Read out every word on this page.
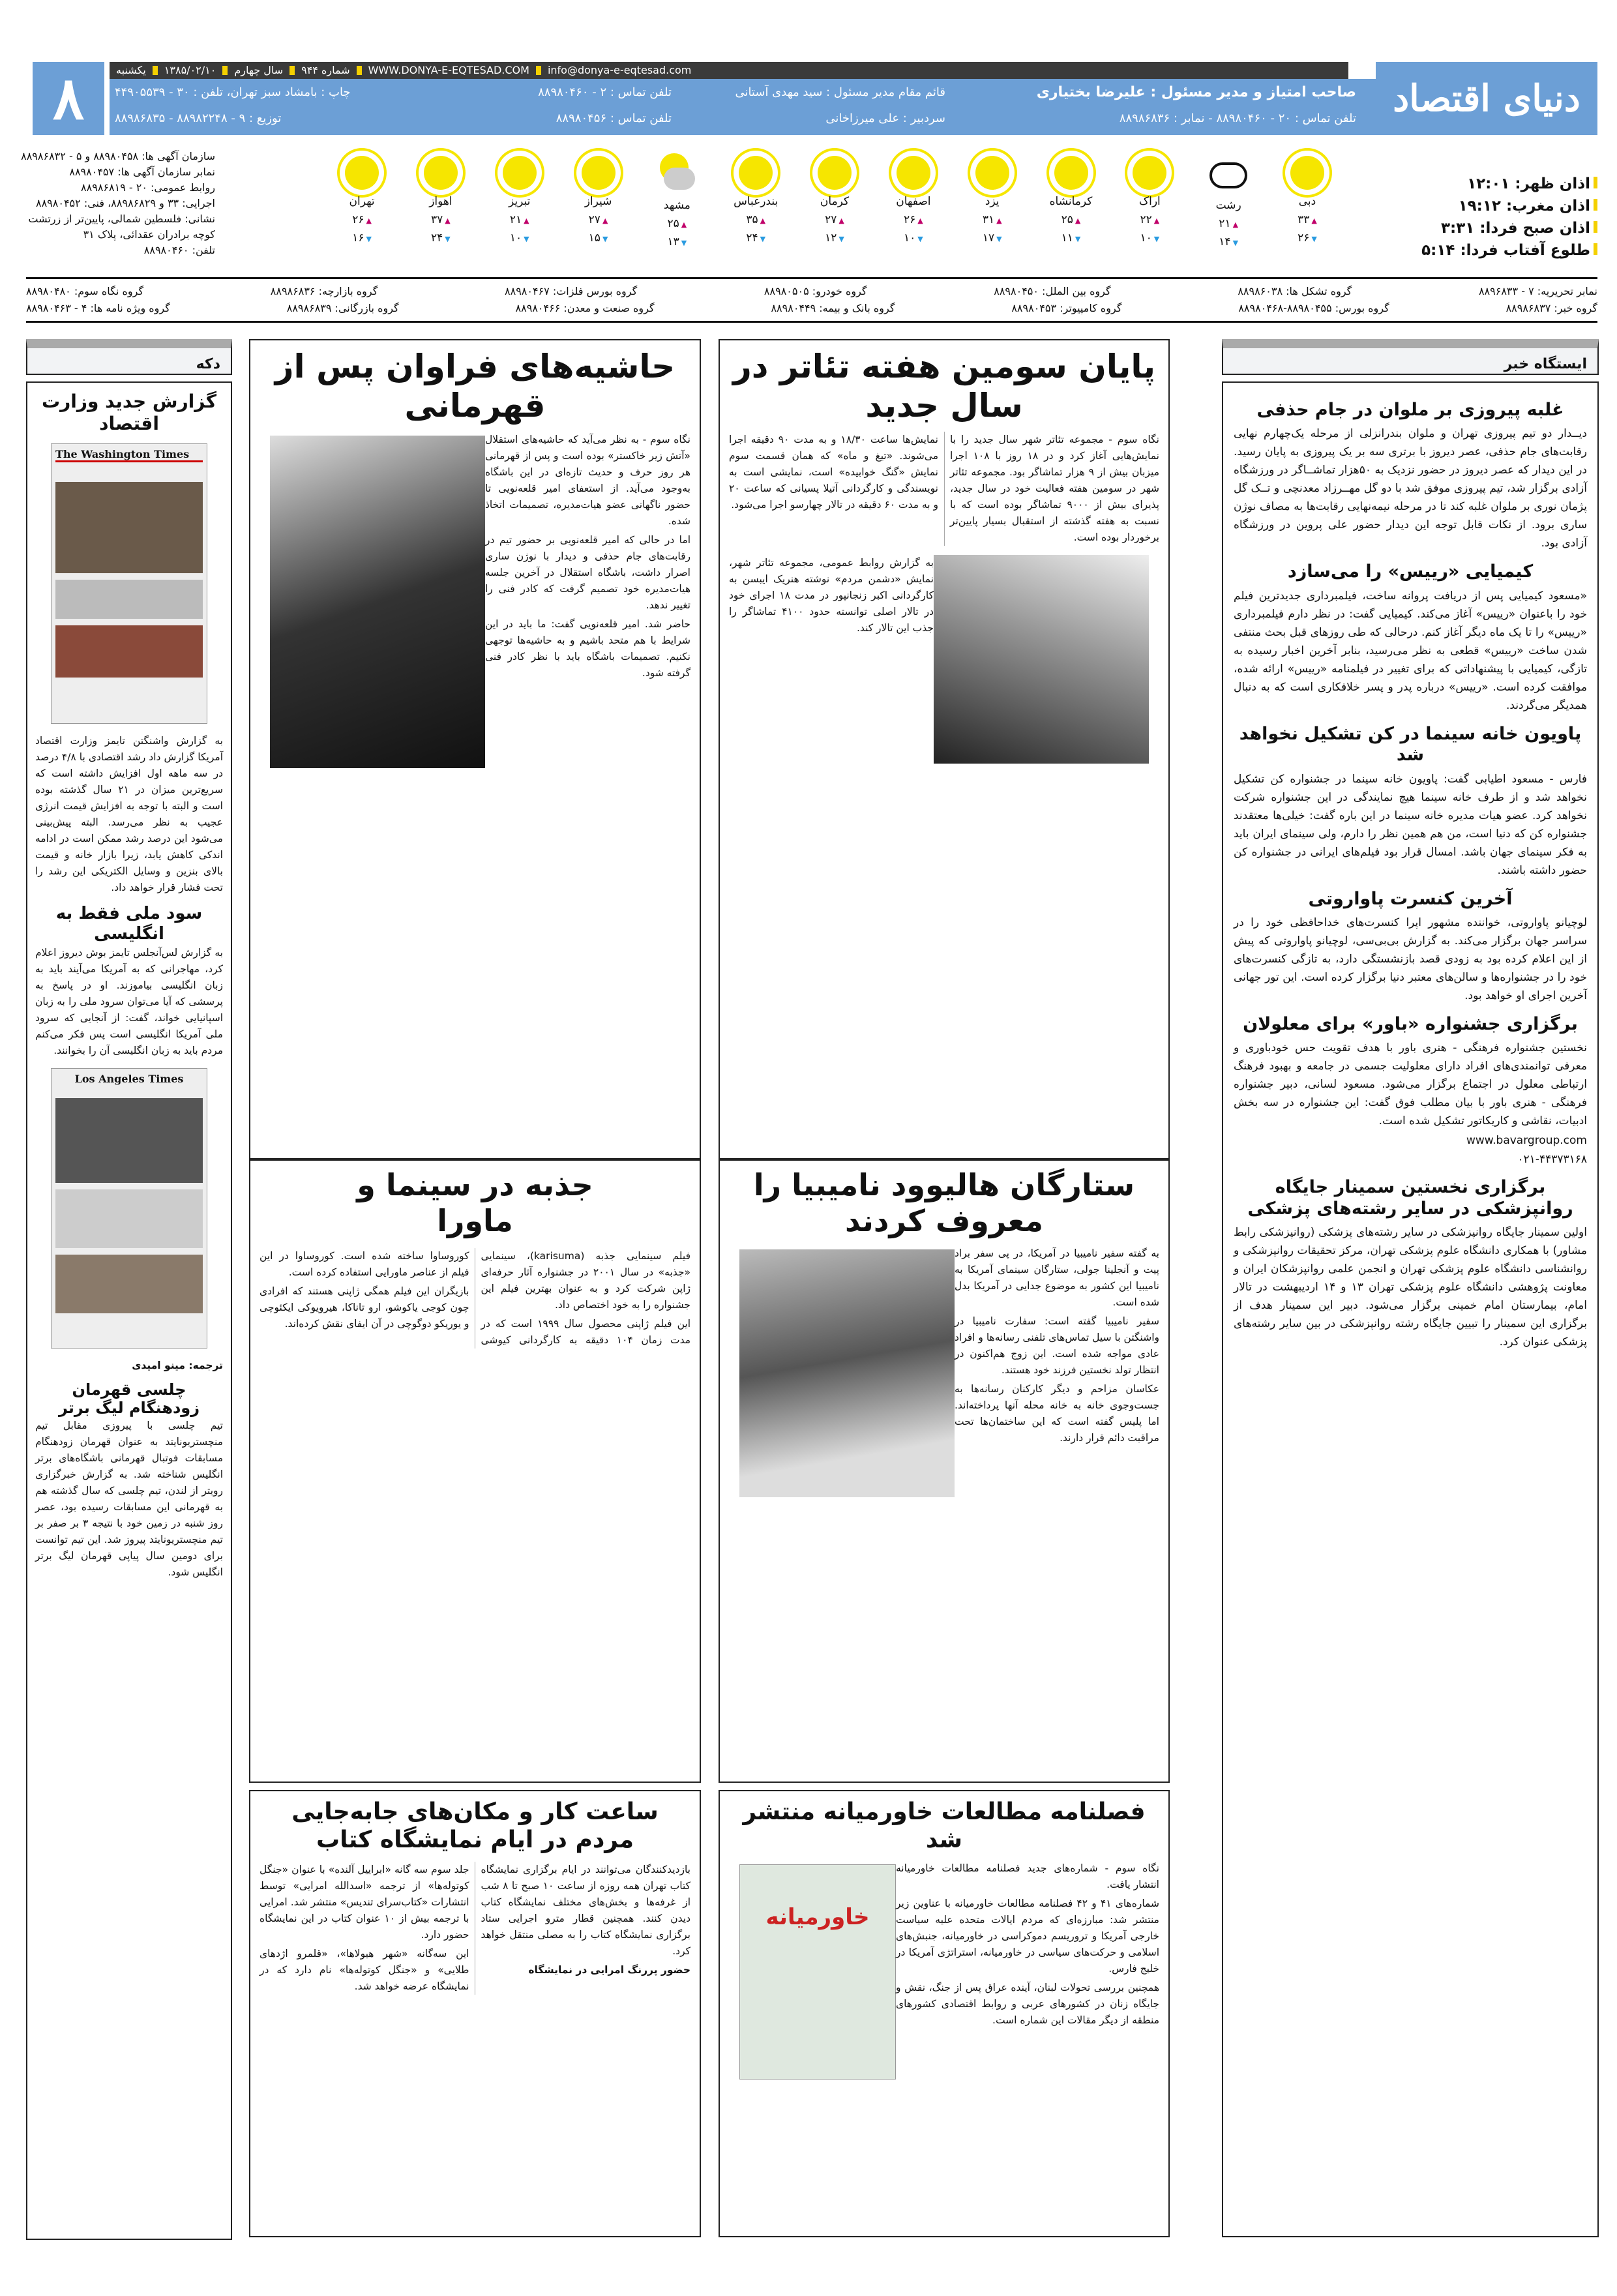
۸	info@donya-e-eqtesad.com
WWW.DONYA-E-EQTESAD.COM
شماره ۹۴۴
سال چهارم
۱۳۸۵/۰۲/۱۰
یکشنبه
صاحب امتیاز و مدیر مسئول : علیرضا بختیاری
تلفن تماس : ۲۰ - ۸۸۹۸۰۴۶۰ - نمابر : ۸۸۹۸۶۸۳۶
قائم مقام مدیر مسئول : سید مهدی آستانی
تلفن تماس : ۲ - ۸۸۹۸۰۴۶۰
سردبیر : علی میرزاخانی
تلفن تماس : ۸۸۹۸۰۴۵۶
چاپ : بامشاد سبز تهران، تلفن : ۳۰ - ۴۴۹۰۵۵۳۹
توزیع : ۹ - ۸۸۹۸۲۲۴۸ - ۸۸۹۸۶۸۳۵	دنیای اقتصاد
اذان ظهر: ۱۲:۰۱
اذان مغرب: ۱۹:۱۲
اذان صبح فردا: ۳:۳۱
طلوع آفتاب فردا: ۵:۱۴
تهران
▲ ۲۶
▼ ۱۶
اهواز
▲ ۳۷
▼ ۲۴
تبریز
▲ ۲۱
▼ ۱۰
شیراز
▲ ۲۷
▼ ۱۵
مشهد
▲ ۲۵
▼ ۱۳
بندرعباس
▲ ۳۵
▼ ۲۴
کرمان
▲ ۲۷
▼ ۱۲
اصفهان
▲ ۲۶
▼ ۱۰
یزد
▲ ۳۱
▼ ۱۷
کرمانشاه
▲ ۲۵
▼ ۱۱
اراک
▲ ۲۲
▼ ۱۰
رشت
▲ ۲۱
▼ ۱۴
دبی
▲ ۳۳
▼ ۲۶
سازمان آگهی ها: ۸۸۹۸۰۴۵۸ و ۵ - ۸۸۹۸۶۸۳۲
نمابر سازمان آگهی ها: ۸۸۹۸۰۴۵۷
روابط عمومی: ۲۰ - ۸۸۹۸۶۸۱۹
اجرایی: ۳۳ و ۸۸۹۸۶۸۲۹، فنی: ۸۸۹۸۰۴۵۲
نشانی: فلسطین شمالی، پایین‌تر از زرتشت
کوچه برادران عقدائی، پلاک ۳۱
تلفن: ۸۸۹۸۰۴۶۰
نمابر تحریریه: ۷ - ۸۸۹۶۸۳۳
گروه تشکل ها: ۸۸۹۸۶۰۳۸
گروه بین الملل: ۸۸۹۸۰۴۵۰
گروه خودرو: ۸۸۹۸۰۵۰۵
گروه بورس فلزات: ۸۸۹۸۰۴۶۷
گروه بازارچه: ۸۸۹۸۶۸۳۶
گروه نگاه سوم: ۸۸۹۸۰۴۸۰
گروه خبر: ۸۸۹۸۶۸۳۷
گروه بورس: ۸۸۹۸۰۴۵۵-۸۸۹۸۰۴۶۸
گروه کامپیوتر: ۸۸۹۸۰۴۵۳
گروه بانک و بیمه: ۸۸۹۸۰۴۴۹
گروه صنعت و معدن: ۸۸۹۸۰۴۶۶
گروه بازرگانی: ۸۸۹۸۶۸۳۹
گروه ویژه نامه ها: ۴ - ۸۸۹۸۰۴۶۳
دکه
گزارش جدید وزارت اقتصاد
The Washington Times

به گزارش واشنگتن تایمز وزارت اقتصاد آمریکا گزارش داد رشد اقتصادی با ۴/۸ درصد در سه ماهه اول افزایش داشته است که سریع‌ترین میزان در ۲۱ سال گذشته بوده است و البته با توجه به افزایش قیمت انرژی عجیب به نظر می‌رسد. البته پیش‌بینی می‌شود این درصد رشد ممکن است در ادامه اندکی کاهش یابد، زیرا بازار خانه و قیمت بالای بنزین و وسایل الکتریکی این رشد را تحت فشار قرار خواهد داد.

سود ملی فقط به انگلیسی

به گزارش لس‌آنجلس تایمز بوش دیروز اعلام کرد، مهاجرانی که به آمریکا می‌آیند باید به زبان انگلیسی بیاموزند. او در پاسخ به پرسشی که آیا می‌توان سرود ملی را به زبان اسپانیایی خواند، گفت: از آنجایی که سرود ملی آمریکا انگلیسی است پس فکر می‌کنم مردم باید به زبان انگلیسی آن را بخوانند.

Los Angeles Times

ترجمه: مینو امیدی

چلسی قهرمان زودهنگام لیگ برتر

تیم چلسی با پیروزی مقابل تیم منچستریونایتد به عنوان قهرمان زودهنگام مسابقات فوتبال قهرمانی باشگاه‌های برتر انگلیس شناخته شد. به گزارش خبرگزاری رویتر از لندن، تیم چلسی که سال گذشته هم به قهرمانی این مسابقات رسیده بود، عصر روز شنبه در زمین خود با نتیجه ۳ بر صفر بر تیم منچستریونایتد پیروز شد. این تیم توانست برای دومین سال پیاپی قهرمان لیگ برتر انگلیس شود.

حاشیه‌های فراوان پس از قهرمانی

نگاه سوم - به نظر می‌آید که حاشیه‌های استقلال «آتش زیر خاکستر» بوده است و پس از قهرمانی هر روز حرف و حدیث تازه‌ای در این باشگاه به‌وجود می‌آید. از استعفای امیر قلعه‌نویی تا حضور ناگهانی عضو هیات‌مدیره، تصمیمات اتخاذ شده.

اما در حالی که امیر قلعه‌نویی بر حضور تیم در رقابت‌های جام حذفی و دیدار با نوژن ساری اصرار داشت، باشگاه استقلال در آخرین جلسه هیات‌مدیره خود تصمیم گرفت که کادر فنی را تغییر ندهد.

حاضر شد. امیر قلعه‌نویی گفت: ما باید در این شرایط با هم متحد باشیم و به حاشیه‌ها توجهی نکنیم. تصمیمات باشگاه باید با نظر کادر فنی گرفته شود.

پایان سومین هفته تئاتر در سال جدید

نگاه سوم - مجموعه تئاتر شهر سال جدید را با نمایش‌هایی آغاز کرد و در ۱۸ روز با ۱۰۸ اجرا میزبان بیش از ۹ هزار تماشاگر بود. مجموعه تئاتر شهر در سومین هفته فعالیت خود در سال جدید، پذیرای بیش از ۹۰۰۰ تماشاگر بوده است که با نسبت به هفته گذشته از استقبال بسیار پایین‌تر برخوردار بوده است.

نمایش‌ها ساعت ۱۸/۳۰ و به مدت ۹۰ دقیقه اجرا می‌شوند. «تیغ و ماه» که همان قسمت سوم نمایش «گنگ خوابیده» است، نمایشی است به نویسندگی و کارگردانی آتیلا پسیانی که ساعت ۲۰ و به مدت ۶۰ دقیقه در تالار چهارسو اجرا می‌شود.

به گزارش روابط عمومی، مجموعه تئاتر شهر، نمایش «دشمن مردم» نوشته هنریک ایبسن به کارگردانی اکبر زنجانپور در مدت ۱۸ اجرای خود در تالار اصلی توانسته حدود ۴۱۰۰ تماشاگر را جذب این تالار کند.

جذبه در سینما و ماورا

فیلم سینمایی جذبه (karisuma)، سینمایی «جذبه» در سال ۲۰۰۱ در جشنواره آثار حرفه‌ای ژاپن شرکت کرد و به عنوان بهترین فیلم این جشنواره را به خود اختصاص داد.

این فیلم ژاپنی محصول سال ۱۹۹۹ است که در مدت زمان ۱۰۴ دقیقه به کارگردانی کیوشی کوروساوا ساخته شده است. کوروساوا در این فیلم از عناصر ماورایی استفاده کرده است.

بازیگران این فیلم همگی ژاپنی هستند که افرادی چون کوجی یاکوشو، ارو تاناکا، هیرویوکی ایکئوچی و یوریکو دوگوچی در آن ایفای نقش کرده‌اند.

ستارگان هالیوود نامیبیا را معروف کردند

به گفته سفیر نامیبیا در آمریکا، در پی سفر براد پیت و آنجلینا جولی، ستارگان سینمای آمریکا به نامیبیا این کشور به موضوع جدایی در آمریکا بدل شده است.

سفیر نامیبیا گفته است: سفارت نامیبیا در واشنگتن با سیل تماس‌های تلفنی رسانه‌ها و افراد عادی مواجه شده است. این زوج هم‌اکنون در انتظار تولد نخستین فرزند خود هستند.

عکاسان مزاحم و دیگر کارکنان رسانه‌ها به جست‌وجوی خانه به خانه محله آنها پرداخته‌اند. اما پلیس گفته است که این ساختمان‌ها تحت مراقبت دائم قرار دارند.

ساعت کار و مکان‌های جابه‌جایی مردم در ایام نمایشگاه کتاب

بازدیدکنندگان می‌توانند در ایام برگزاری نمایشگاه کتاب تهران همه روزه از ساعت ۱۰ صبح تا ۸ شب از غرفه‌ها و بخش‌های مختلف نمایشگاه کتاب دیدن کنند. همچنین قطار مترو اجرایی ستاد برگزاری نمایشگاه کتاب را به مصلی منتقل خواهد کرد.

حضور پررنگ امرایی در نمایشگاه

جلد سوم سه گانه «ابراییل آلنده» با عنوان «جنگل کوتوله‌ها» از ترجمه «اسدالله امرایی» توسط انتشارات «کتاب‌سرای تندیس» منتشر شد. امرایی با ترجمه بیش از ۱۰ عنوان کتاب در این نمایشگاه حضور دارد.

این سه‌گانه «شهر هیولاها»، «قلمرو اژدهای طلایی» و «جنگل کوتوله‌ها» نام دارد که در نمایشگاه عرضه خواهد شد.

فصلنامه مطالعات خاورمیانه منتشر شد
خاورمیانه

نگاه سوم - شماره‌های جدید فصلنامه مطالعات خاورمیانه انتشار یافت.

شماره‌های ۴۱ و ۴۲ فصلنامه مطالعات خاورمیانه با عناوین زیر منتشر شد: مبارزه‌ای که مردم ایالات متحده علیه سیاست خارجی آمریکا و تروریسم دموکراسی در خاورمیانه، جنبش‌های اسلامی و حرکت‌های سیاسی در خاورمیانه، استراتژی آمریکا در خلیج فارس.

همچنین بررسی تحولات لبنان، آینده عراق پس از جنگ، نقش و جایگاه زنان در کشورهای عربی و روابط اقتصادی کشورهای منطقه از دیگر مقالات این شماره است.

ایستگاه خبر
غلبه پیروزی بر ملوان در جام حذفی

دیــدار دو تیم پیروزی تهران و ملوان بندرانزلی از مرحله یک‌چهارم نهایی رقابت‌های جام حذفی، عصر دیروز با برتری سه بر یک پیروزی به پایان رسید. در این دیدار که عصر دیروز در حضور نزدیک به ۵۰هزار تماشــاگر در ورزشگاه آزادی برگزار شد، تیم پیروزی موفق شد با دو گل مهــرزاد معدنچی و تــک گل پژمان نوری بر ملوان غلبه کند تا در مرحله نیمه‌نهایی رقابت‌ها به مصاف نوژن ساری برود. از نکات قابل توجه این دیدار حضور علی پروین در ورزشگاه آزادی بود.

کیمیایی «رییس» را می‌سازد

«مسعود کیمیایی پس از دریافت پروانه ساخت، فیلمبرداری جدیدترین فیلم خود را باعنوان «رییس» آغاز می‌کند. کیمیایی گفت: در نظر دارم فیلمبرداری «رییس» را تا یک ماه دیگر آغاز کنم. درحالی که طی روزهای قبل بحث منتفی شدن ساخت «رییس» قطعی به نظر می‌رسید، بنابر آخرین اخبار رسیده به تازگی، کیمیایی با پیشنهاداتی که برای تغییر در فیلمنامه «رییس» ارائه شده، موافقت کرده است. «رییس» درباره پدر و پسر خلافکاری است که به دنبال همدیگر می‌گردند.

پاویون خانه سینما در کن تشکیل نخواهد شد

فارس - مسعود اطیابی گفت: پاویون خانه سینما در جشنواره کن تشکیل نخواهد شد و از طرف خانه سینما هیچ نمایندگی در این جشنواره شرکت نخواهد کرد. عضو هیات مدیره خانه سینما در این باره گفت: خیلی‌ها معتقدند جشنواره کن که دنیا است، من هم همین نظر را دارم، ولی سینمای ایران باید به فکر سینمای جهان باشد. امسال قرار بود فیلم‌های ایرانی در جشنواره کن حضور داشته باشند.

آخرین کنسرت پاواروتی

لوچیانو پاواروتی، خواننده مشهور اپرا کنسرت‌های خداحافظی خود را در سراسر جهان برگزار می‌کند. به گزارش بی‌بی‌سی، لوچیانو پاواروتی که پیش از این اعلام کرده بود به زودی قصد بازنشستگی دارد، به تازگی کنسرت‌های خود را در جشنواره‌ها و سالن‌های معتبر دنیا برگزار کرده است. این تور جهانی آخرین اجرای او خواهد بود.

برگزاری جشنواره «باور» برای معلولان

نخستین جشنواره فرهنگی - هنری باور با هدف تقویت حس خودباوری و معرفی توانمندی‌های افراد دارای معلولیت جسمی در جامعه و بهبود فرهنگ ارتباطی معلول در اجتماع برگزار می‌شود. مسعود لسانی، دبیر جشنواره فرهنگی - هنری باور با بیان مطلب فوق گفت: این جشنواره در سه بخش ادبیات، نقاشی و کاریکاتور تشکیل شده است.

www.bavargroup.com

۰۲۱-۴۴۳۷۳۱۶۸

برگزاری نخستین سمینار جایگاه روانپزشکی در سایر رشته‌های پزشکی

اولین سمینار جایگاه روانپزشکی در سایر رشته‌های پزشکی (روانپزشکی رابط مشاور) با همکاری دانشگاه علوم پزشکی تهران، مرکز تحقیقات روانپزشکی و روانشناسی دانشگاه علوم پزشکی تهران و انجمن علمی روانپزشکان ایران و معاونت پژوهشی دانشگاه علوم پزشکی تهران ۱۳ و ۱۴ اردیبهشت در تالار امام، بیمارستان امام خمینی برگزار می‌شود. دبیر این سمینار هدف از برگزاری این سمینار را تبیین جایگاه رشته روانپزشکی در بین سایر رشته‌های پزشکی عنوان کرد.
